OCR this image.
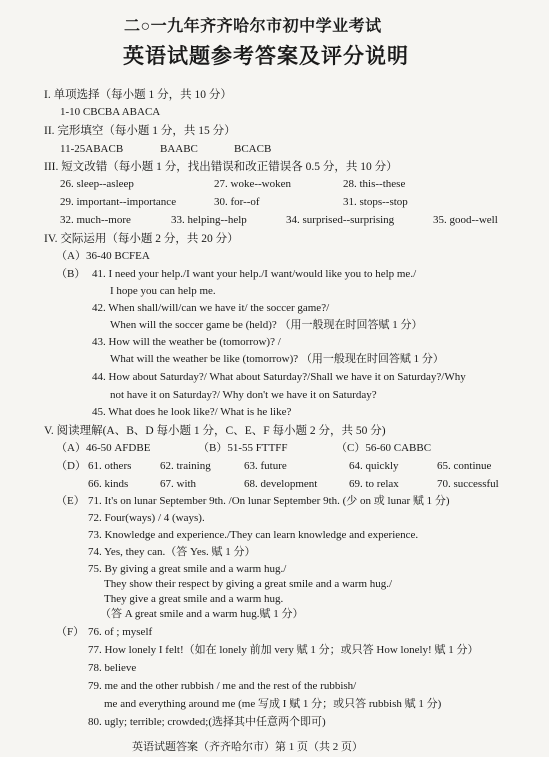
二○一九年齐齐哈尔市初中学业考试
英语试题参考答案及评分说明
I. 单项选择（每小题 1 分，共 10 分）
1-10 CBCBA ABACA
II. 完形填空（每小题 1 分，共 15 分）
11-25ABACB	BAABC	BCACB
III. 短文改错（每小题 1 分，找出错误和改正错误各 0.5 分，共 10 分）
26. sleep--asleep	27. woke--woken	28. this--these
29. important--importance	30. for--of	31. stops--stop
32. much--more	33. helping--help	34. surprised--surprising	35. good--well
IV. 交际运用（每小题 2 分，共 20 分）
（A）36-40 BCFEA
（B） 41. I need your help./I want your help./I want/would like you to help me./
I hope you can help me.
42. When shall/will/can we have it/ the soccer game?/
When will the soccer game be (held)? （用一般现在时回答赋 1 分）
43. How will the weather be (tomorrow)? /
What will the weather be like (tomorrow)? （用一般现在时回答赋 1 分）
44. How about Saturday?/ What about Saturday?/Shall we have it on Saturday?/Why
not have it on Saturday?/ Why don't we have it on Saturday?
45. What does he look like?/ What is he like?
V. 阅读理解(A、B、D 每小题 1 分，C、E、F 每小题 2 分，共 50 分)
（A）46-50 AFDBE	（B）51-55 FTTFF	（C）56-60 CABBC
（D） 61. others	62. training	63. future	64. quickly	65. continue
66. kinds	67. with	68. development	69. to relax	70. successful
（E） 71. It's on lunar September 9th. /On lunar September 9th. (少 on 或 lunar 赋 1 分)
72. Four(ways) / 4 (ways).
73. Knowledge and experience./They can learn knowledge and experience.
74. Yes, they can.（答 Yes. 赋 1 分）
75. By giving a great smile and a warm hug./
They show their respect by giving a great smile and a warm hug./
They give a great smile and a warm hug.
（答 A great smile and a warm hug.赋 1 分）
（F） 76. of ; myself
77. How lonely I felt!（如在 lonely 前加 very 赋 1 分；或只答 How lonely! 赋 1 分）
78. believe
79. me and the other rubbish / me and the rest of the rubbish/
me and everything around me (me 写成 I 赋 1 分；或只答 rubbish 赋 1 分)
80. ugly; terrible; crowded;(选择其中任意两个即可)
英语试题答案（齐齐哈尔市）第 1 页（共 2 页）
